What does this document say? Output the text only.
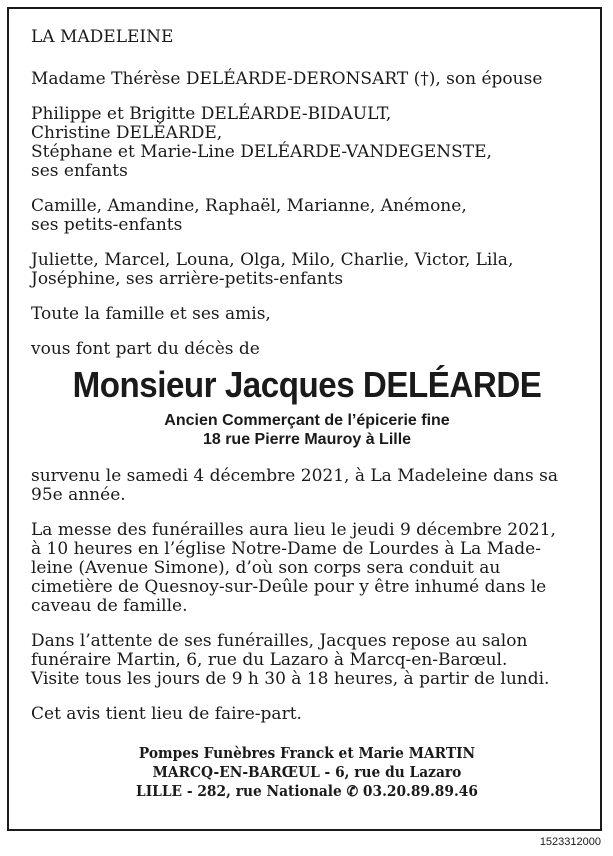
LA MADELEINE
Madame Thérèse DELÉARDE-DERONSART (†), son épouse
Philippe et Brigitte DELÉARDE-BIDAULT,
Christine DELÉARDE,
Stéphane et Marie-Line DELÉARDE-VANDEGENSTE,
ses enfants
Camille, Amandine, Raphaël, Marianne, Anémone,
ses petits-enfants
Juliette, Marcel, Louna, Olga, Milo, Charlie, Victor, Lila,
Joséphine, ses arrière-petits-enfants
Toute la famille et ses amis,
vous font part du décès de
Monsieur Jacques DELÉARDE
Ancien Commerçant de l’épicerie fine
18 rue Pierre Mauroy à Lille
survenu le samedi 4 décembre 2021, à La Madeleine dans sa
95e année.
La messe des funérailles aura lieu le jeudi 9 décembre 2021,
à 10 heures en l’église Notre-Dame de Lourdes à La Made-
leine (Avenue Simone), d’où son corps sera conduit au
cimetière de Quesnoy-sur-Deûle pour y être inhumé dans le
caveau de famille.
Dans l’attente de ses funérailles, Jacques repose au salon
funéraire Martin, 6, rue du Lazaro à Marcq-en-Barœul.
Visite tous les jours de 9 h 30 à 18 heures, à partir de lundi.
Cet avis tient lieu de faire-part.
Pompes Funèbres Franck et Marie MARTIN
MARCQ-EN-BARŒUL - 6, rue du Lazaro
LILLE - 282, rue Nationale ✆ 03.20.89.89.46
1523312000
